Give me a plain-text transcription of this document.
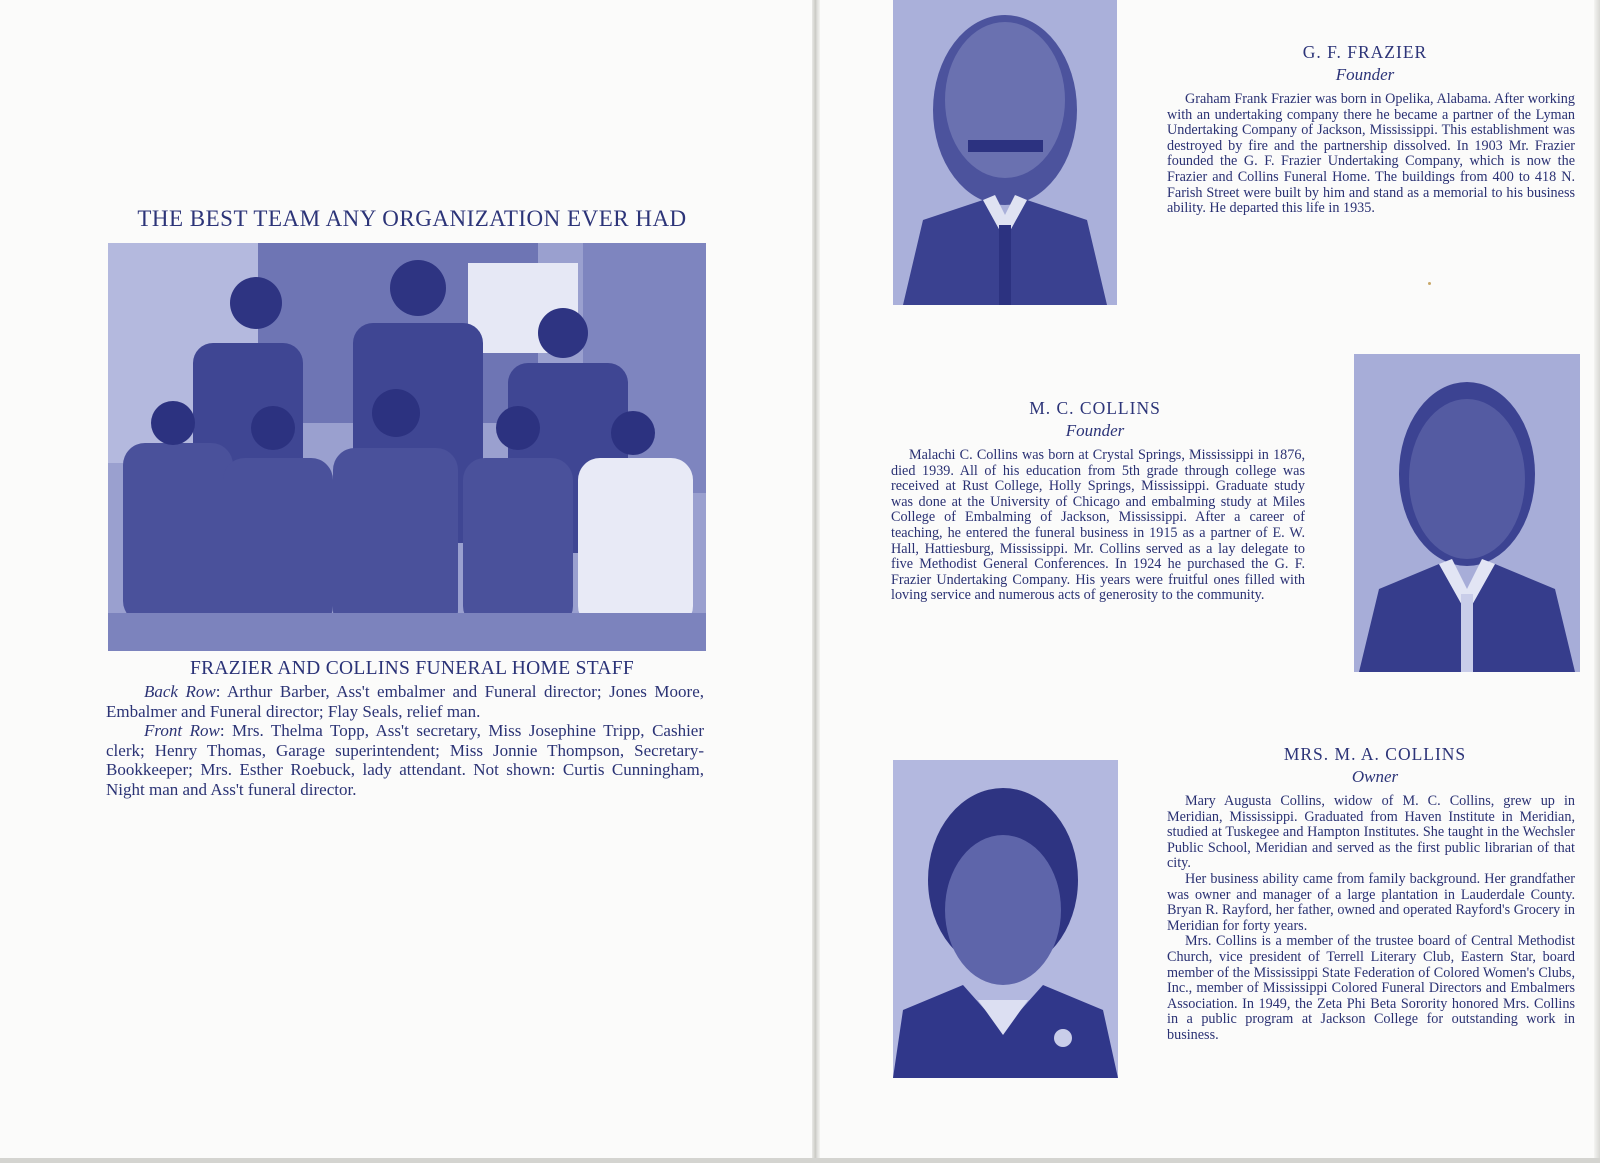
THE BEST TEAM ANY ORGANIZATION EVER HAD
FRAZIER AND COLLINS FUNERAL HOME STAFF

Back Row: Arthur Barber, Ass't embalmer and Funeral director; Jones Moore, Embalmer and Funeral director; Flay Seals, relief man.

Front Row: Mrs. Thelma Topp, Ass't secretary, Miss Josephine Tripp, Cashier clerk; Henry Thomas, Garage superintendent; Miss Jonnie Thompson, Secretary-Bookkeeper; Mrs. Esther Roebuck, lady attendant. Not shown: Curtis Cunningham, Night man and Ass't funeral director.

G. F. FRAZIER
Founder

Graham Frank Frazier was born in Opelika, Alabama. After working with an undertaking company there he became a partner of the Lyman Undertaking Company of Jackson, Mississippi. This establishment was destroyed by fire and the partnership dissolved. In 1903 Mr. Frazier founded the G. F. Frazier Undertaking Company, which is now the Frazier and Collins Funeral Home. The buildings from 400 to 418 N. Farish Street were built by him and stand as a memorial to his business ability. He departed this life in 1935.

M. C. COLLINS
Founder

Malachi C. Collins was born at Crystal Springs, Mississippi in 1876, died 1939. All of his education from 5th grade through college was received at Rust College, Holly Springs, Mississippi. Graduate study was done at the University of Chicago and embalming study at Miles College of Embalming of Jackson, Mississippi. After a career of teaching, he entered the funeral business in 1915 as a partner of E. W. Hall, Hattiesburg, Mississippi. Mr. Collins served as a lay delegate to five Methodist General Conferences. In 1924 he purchased the G. F. Frazier Undertaking Company. His years were fruitful ones filled with loving service and numerous acts of generosity to the community.

MRS. M. A. COLLINS
Owner

Mary Augusta Collins, widow of M. C. Collins, grew up in Meridian, Mississippi. Graduated from Haven Institute in Meridian, studied at Tuskegee and Hampton Institutes. She taught in the Wechsler Public School, Meridian and served as the first public librarian of that city.

Her business ability came from family background. Her grandfather was owner and manager of a large plantation in Lauderdale County. Bryan R. Rayford, her father, owned and operated Rayford's Grocery in Meridian for forty years.

Mrs. Collins is a member of the trustee board of Central Methodist Church, vice president of Terrell Literary Club, Eastern Star, board member of the Mississippi State Federation of Colored Women's Clubs, Inc., member of Mississippi Colored Funeral Directors and Embalmers Association. In 1949, the Zeta Phi Beta Sorority honored Mrs. Collins in a public program at Jackson College for outstanding work in business.
